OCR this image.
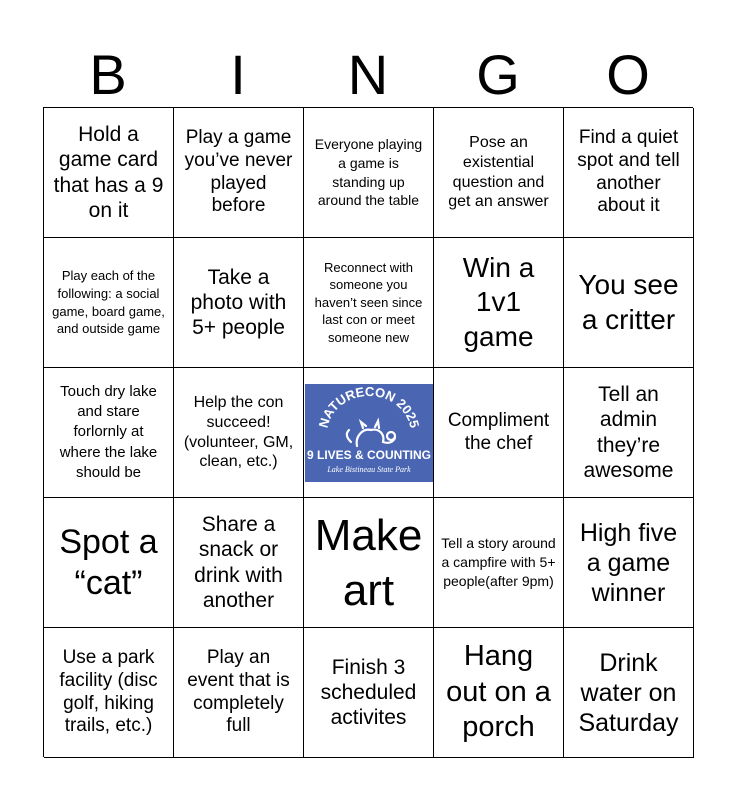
B	I	N	G	O
Hold a game card that has a 9 on it
Play a game you’ve never played before
Everyone playing a game is standing up around the table
Pose an existential question and get an answer
Find a quiet spot and tell another about it
Play each of the following: a social game, board game, and outside game
Take a photo with 5+ people
Reconnect with someone you haven’t seen since last con or meet someone new
Win a 1v1 game
You see a critter
Touch dry lake and stare forlornly at where the lake should be
Help the con succeed! (volunteer, GM, clean, etc.)
NATURECON 2025
9 LIVES & COUNTING
Lake Bistineau State Park
Compliment the chef
Tell an admin they’re awesome
Spot a “cat”
Share a snack or drink with another
Make art
Tell a story around a campfire with 5+ people(after 9pm)
High five a game winner
Use a park facility (disc golf, hiking trails, etc.)
Play an event that is completely full
Finish 3 scheduled activites
Hang out on a porch
Drink water on Saturday
